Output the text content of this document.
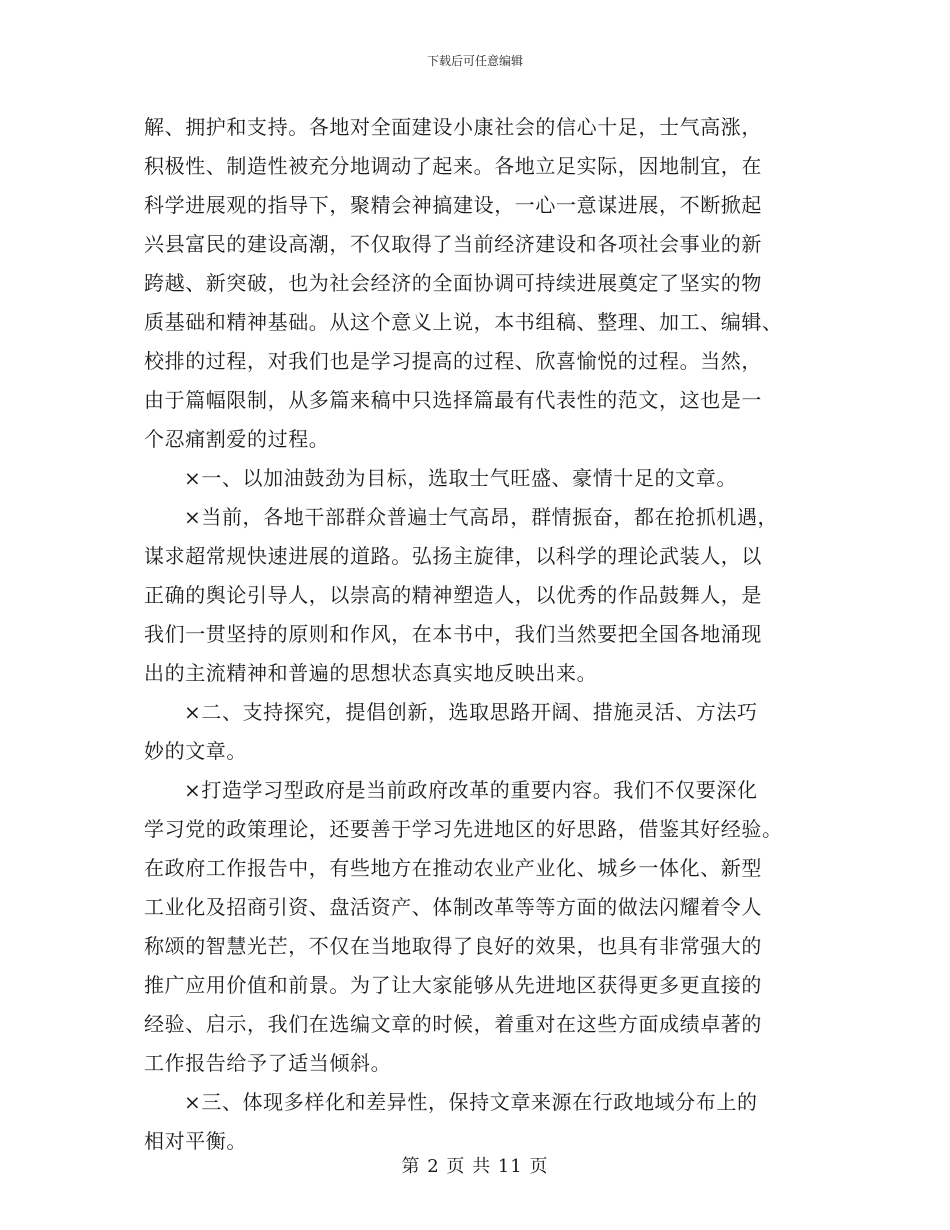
下载后可任意编辑
解、拥护和支持。各地对全面建设小康社会的信心十足，士气高涨，
积极性、制造性被充分地调动了起来。各地立足实际，因地制宜，在
科学进展观的指导下，聚精会神搞建设，一心一意谋进展，不断掀起
兴县富民的建设高潮，不仅取得了当前经济建设和各项社会事业的新
跨越、新突破，也为社会经济的全面协调可持续进展奠定了坚实的物
质基础和精神基础。从这个意义上说，本书组稿、整理、加工、编辑、
校排的过程，对我们也是学习提高的过程、欣喜愉悦的过程。当然，
由于篇幅限制，从多篇来稿中只选择篇最有代表性的范文，这也是一
个忍痛割爱的过程。
×一、以加油鼓劲为目标，选取士气旺盛、豪情十足的文章。
×当前，各地干部群众普遍士气高昂，群情振奋，都在抢抓机遇，
谋求超常规快速进展的道路。弘扬主旋律，以科学的理论武装人，以
正确的舆论引导人，以崇高的精神塑造人，以优秀的作品鼓舞人，是
我们一贯坚持的原则和作风，在本书中，我们当然要把全国各地涌现
出的主流精神和普遍的思想状态真实地反映出来。
×二、支持探究，提倡创新，选取思路开阔、措施灵活、方法巧
妙的文章。
×打造学习型政府是当前政府改革的重要内容。我们不仅要深化
学习党的政策理论，还要善于学习先进地区的好思路，借鉴其好经验。
在政府工作报告中，有些地方在推动农业产业化、城乡一体化、新型
工业化及招商引资、盘活资产、体制改革等等方面的做法闪耀着令人
称颂的智慧光芒，不仅在当地取得了良好的效果，也具有非常强大的
推广应用价值和前景。为了让大家能够从先进地区获得更多更直接的
经验、启示，我们在选编文章的时候，着重对在这些方面成绩卓著的
工作报告给予了适当倾斜。
×三、体现多样化和差异性，保持文章来源在行政地域分布上的
相对平衡。
第 2 页 共 11 页
